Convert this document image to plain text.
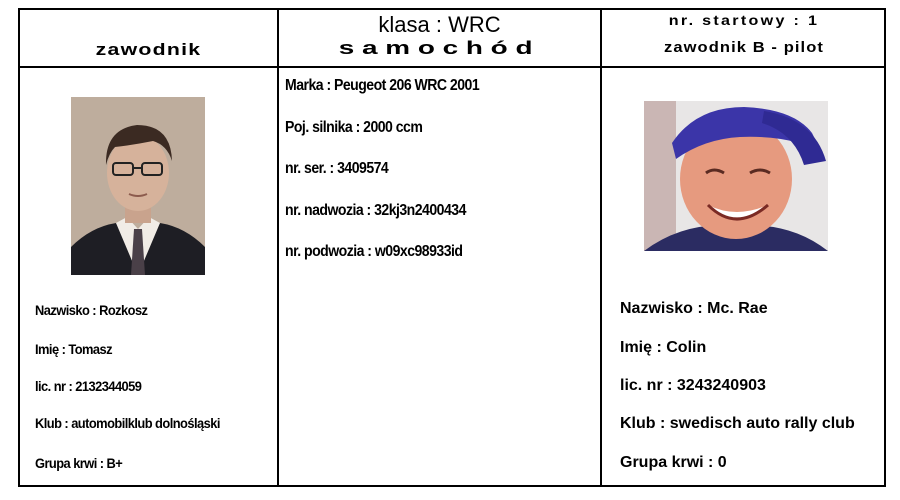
zawodnik
klasa : WRC
samochód
nr. startowy : 1
zawodnik B - pilot
Nazwisko : Rozkosz
Imię : Tomasz
lic. nr : 2132344059
Klub : automobilklub dolnośląski
Grupa krwi : B+
Marka : Peugeot 206 WRC 2001
Poj. silnika : 2000 ccm
nr. ser. : 3409574
nr. nadwozia : 32kj3n2400434
nr. podwozia : w09xc98933id
Nazwisko : Mc. Rae
Imię : Colin
lic. nr : 3243240903
Klub : swedisch auto rally club
Grupa krwi : 0
